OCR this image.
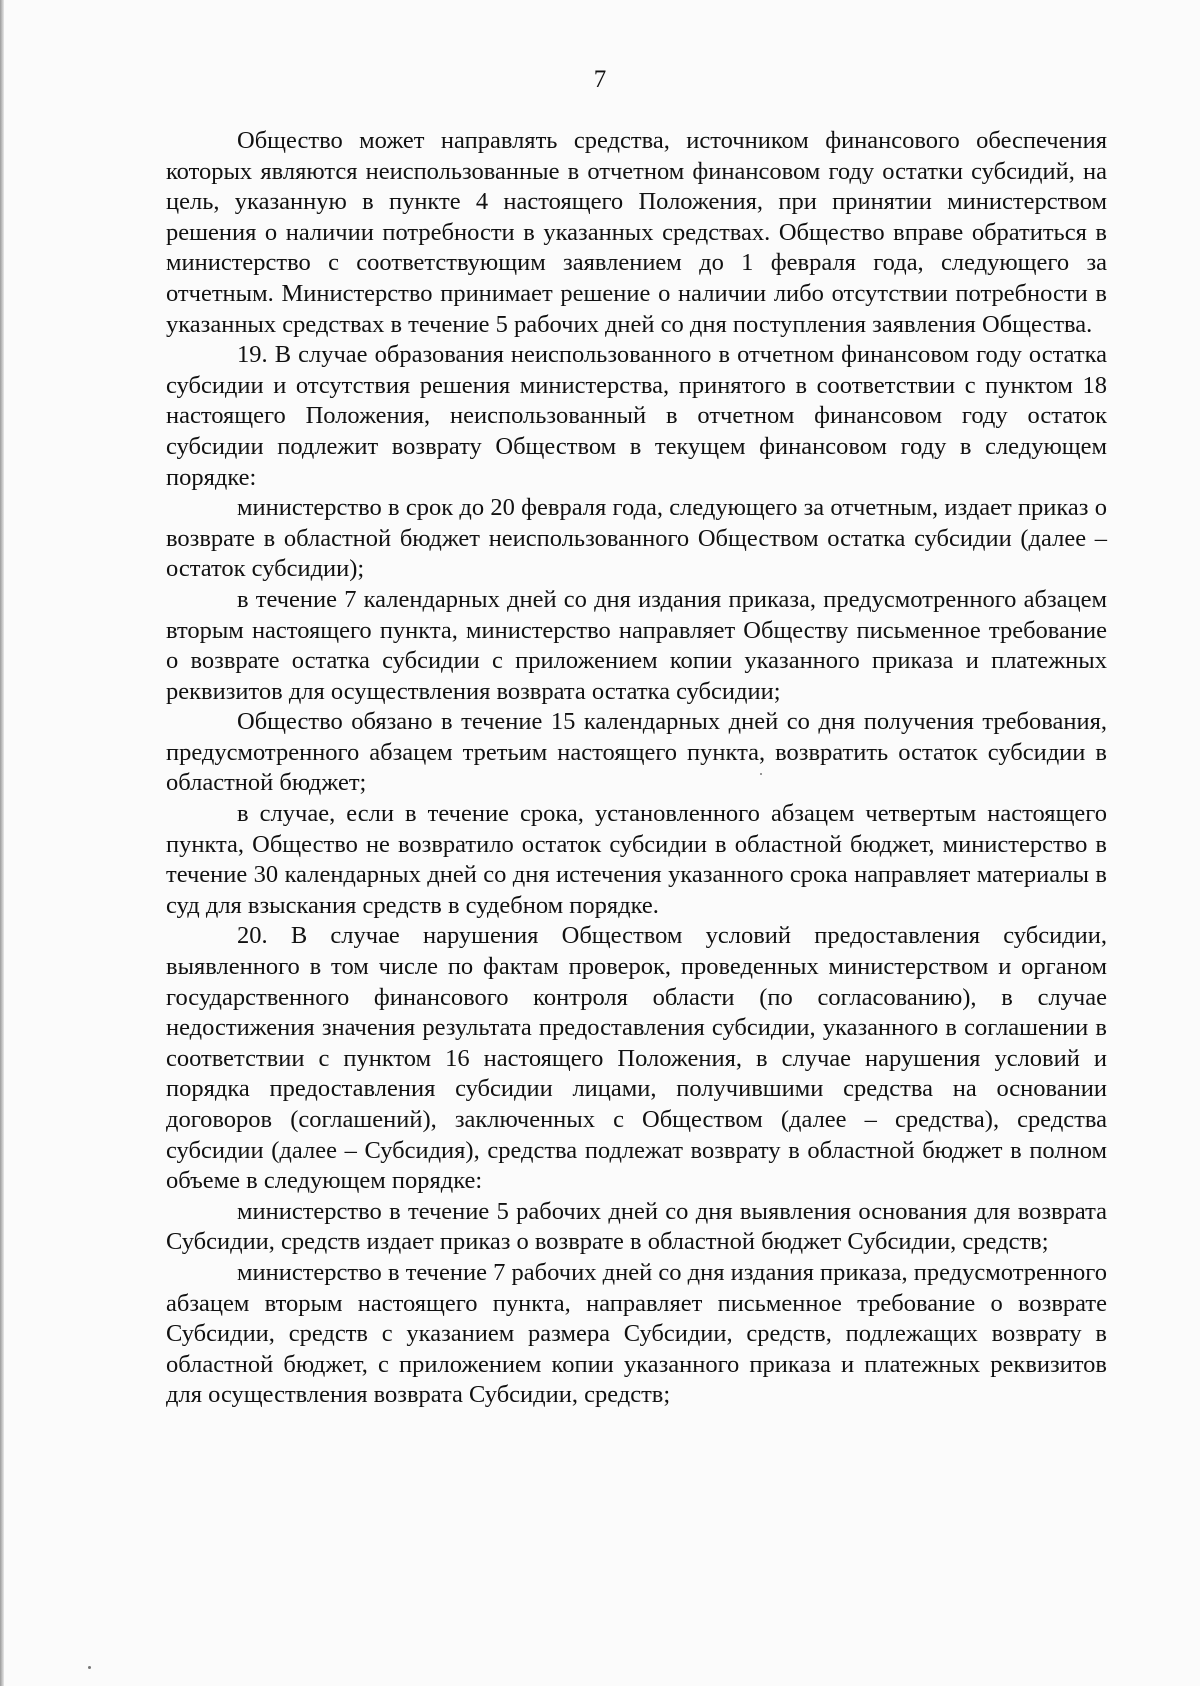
7

Общество может направлять средства, источником финансового обеспечения которых являются неиспользованные в отчетном финансовом году остатки субсидий, на цель, указанную в пункте 4 настоящего Положения, при принятии министерством решения о наличии потребности в указанных средствах. Общество вправе обратиться в министерство с соответствующим заявлением до 1 февраля года, следующего за отчетным. Министерство принимает решение о наличии либо отсутствии потребности в указанных средствах в течение 5 рабочих дней со дня поступления заявления Общества.

19. В случае образования неиспользованного в отчетном финансовом году остатка субсидии и отсутствия решения министерства, принятого в соответствии с пунктом 18 настоящего Положения, неиспользованный в отчетном финансовом году остаток субсидии подлежит возврату Обществом в текущем финансовом году в следующем порядке:

министерство в срок до 20 февраля года, следующего за отчетным, издает приказ о возврате в областной бюджет неиспользованного Обществом остатка субсидии (далее – остаток субсидии);

в течение 7 календарных дней со дня издания приказа, предусмотренного абзацем вторым настоящего пункта, министерство направляет Обществу письменное требование о возврате остатка субсидии с приложением копии указанного приказа и платежных реквизитов для осуществления возврата остатка субсидии;

Общество обязано в течение 15 календарных дней со дня получения требования, предусмотренного абзацем третьим настоящего пункта, возвратить остаток субсидии в областной бюджет;

в случае, если в течение срока, установленного абзацем четвертым настоящего пункта, Общество не возвратило остаток субсидии в областной бюджет, министерство в течение 30 календарных дней со дня истечения указанного срока направляет материалы в суд для взыскания средств в судебном порядке.

20. В случае нарушения Обществом условий предоставления субсидии, выявленного в том числе по фактам проверок, проведенных министерством и органом государственного финансового контроля области (по согласованию), в случае недостижения значения результата предоставления субсидии, указанного в соглашении в соответствии с пунктом 16 настоящего Положения, в случае нарушения условий и порядка предоставления субсидии лицами, получившими средства на основании договоров (соглашений), заключенных с Обществом (далее – средства), средства субсидии (далее – Субсидия), средства подлежат возврату в областной бюджет в полном объеме в следующем порядке:

министерство в течение 5 рабочих дней со дня выявления основания для возврата Субсидии, средств издает приказ о возврате в областной бюджет Субсидии, средств;

министерство в течение 7 рабочих дней со дня издания приказа, предусмотренного абзацем вторым настоящего пункта, направляет письменное требование о возврате Субсидии, средств с указанием размера Субсидии, средств, подлежащих возврату в областной бюджет, с приложением копии указанного приказа и платежных реквизитов для осуществления возврата Субсидии, средств;
